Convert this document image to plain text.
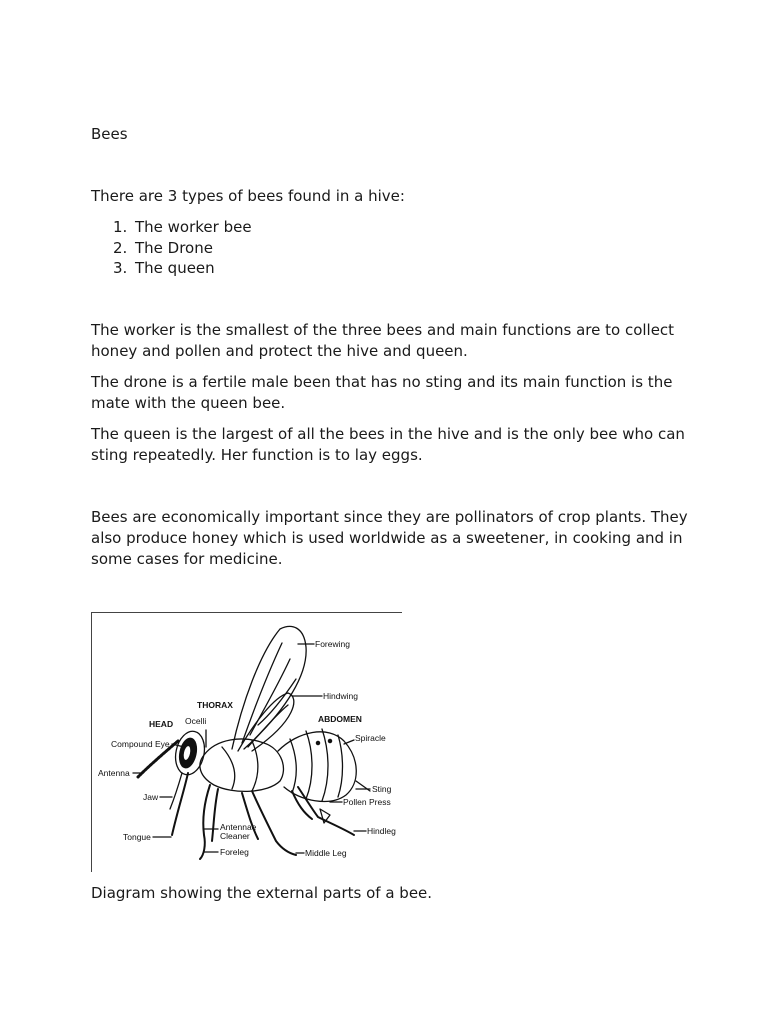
Bees
There are 3 types of bees found in a hive:
1. The worker bee
2. The Drone
3. The queen

The worker is the smallest of the three bees and main functions are to collect honey and pollen and protect the hive and queen.

The drone is a fertile male been that has no sting and its main function is the mate with the queen bee.

The queen is the largest of all the bees in the hive and is the only bee who can sting repeatedly. Her function is to lay eggs.

Bees are economically important since they are pollinators of crop plants. They also produce honey which is used worldwide as a sweetener, in cooking and in some cases for medicine.

Forewing
Hindwing
THORAX
ABDOMEN
HEAD Ocelli
Compound Eye
Spiracle
Antenna
Sting
Jaw	Pollen Press
Antennae
Cleaner	Hindleg
Tongue
Foreleg	Middle Leg
Diagram showing the external parts of a bee.
